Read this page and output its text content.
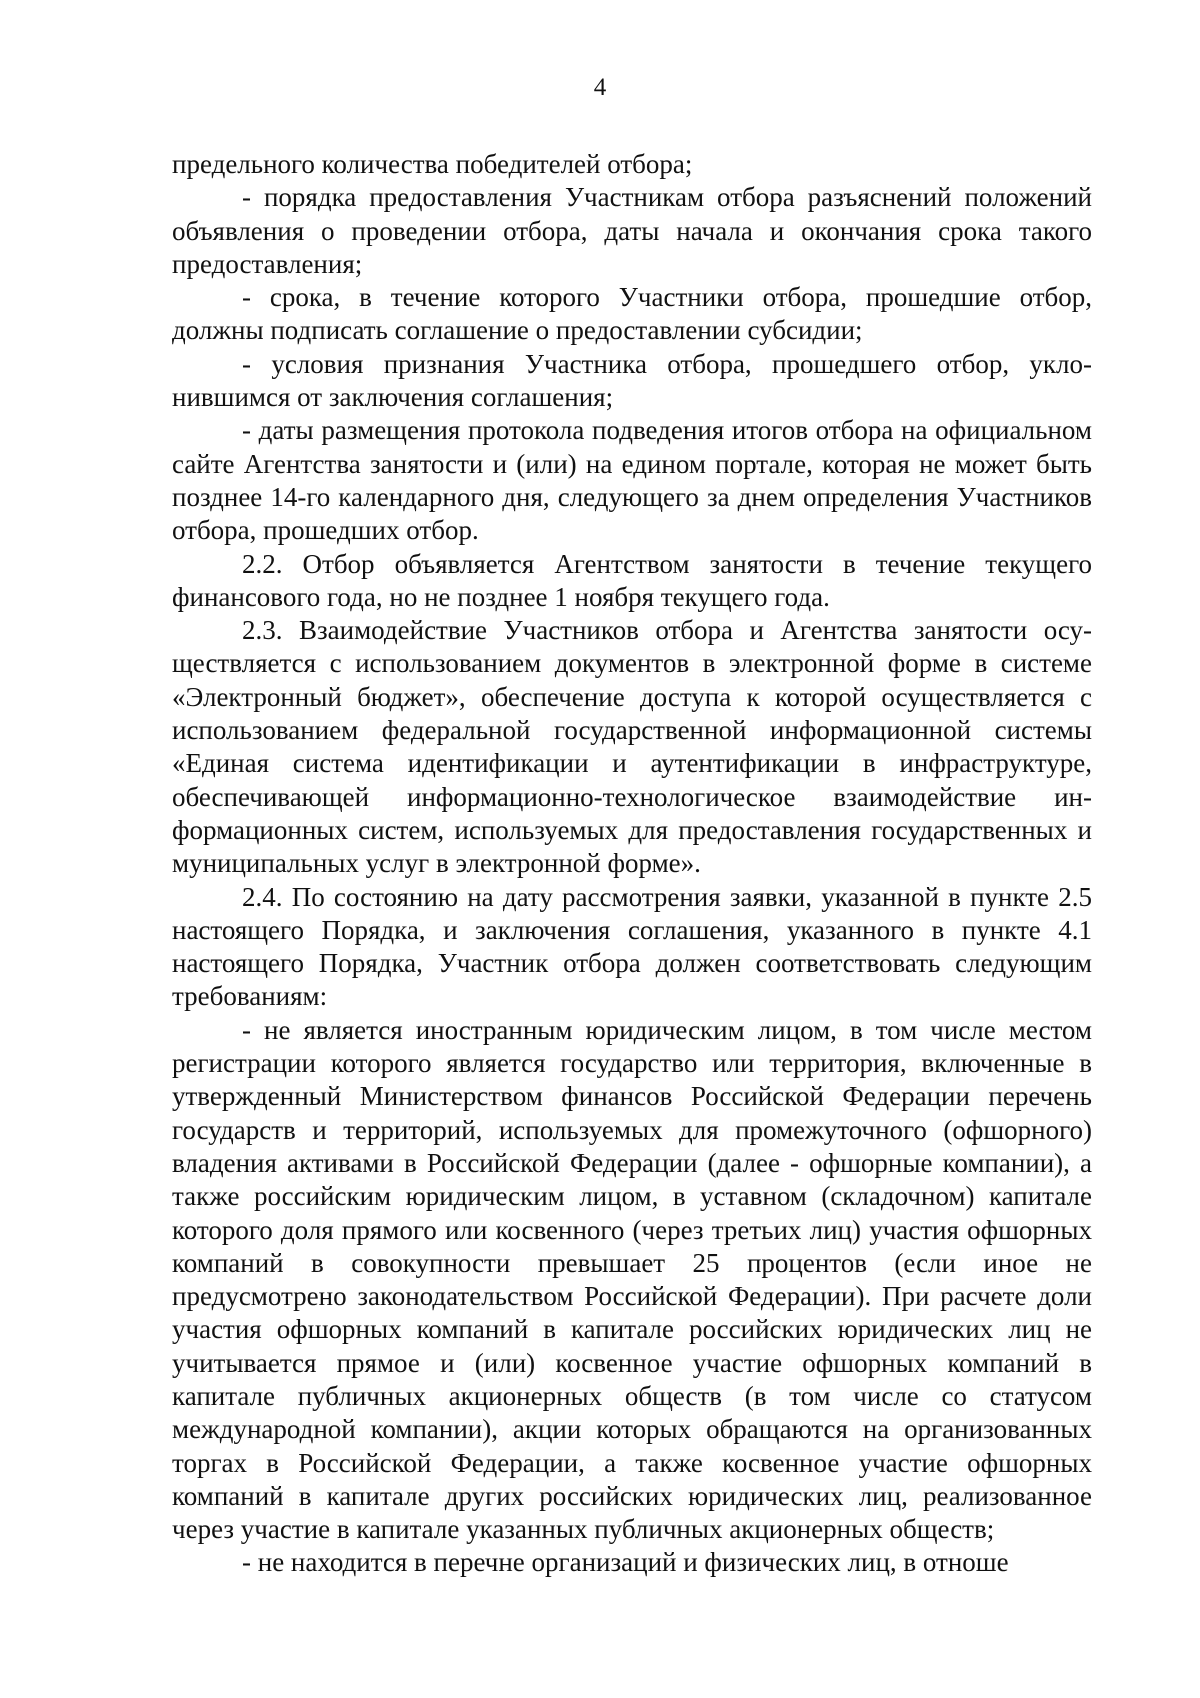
4

предельного количества победителей отбора;

- порядка предоставления Участникам отбора разъяснений положений объявления о проведении отбора, даты начала и окончания срока такого предоставления;

- срока, в течение которого Участники отбора, прошедшие отбор, должны подписать соглашение о предоставлении субсидии;

- условия признания Участника отбора, прошедшего отбор, уклонившимся от заключения соглашения;

- даты размещения протокола подведения итогов отбора на официальном сайте Агентства занятости и (или) на едином портале, которая не может быть позднее 14-го календарного дня, следующего за днем определения Участников отбора, прошедших отбор.

2.2. Отбор объявляется Агентством занятости в течение текущего финансового года, но не позднее 1 ноября текущего года.

2.3. Взаимодействие Участников отбора и Агентства занятости осуществляется с использованием документов в электронной форме в системе «Электронный бюджет», обеспечение доступа к которой осуществляется с использованием федеральной государственной информационной системы «Единая система идентификации и аутентификации в инфраструктуре, обеспечивающей информационно-технологическое взаимодействие информационных систем, используемых для предоставления государственных и муниципальных услуг в электронной форме».

2.4. По состоянию на дату рассмотрения заявки, указанной в пункте 2.5 настоящего Порядка, и заключения соглашения, указанного в пункте 4.1 настоящего Порядка, Участник отбора должен соответствовать следующим требованиям:

- не является иностранным юридическим лицом, в том числе местом регистрации которого является государство или территория, включенные в утвержденный Министерством финансов Российской Федерации перечень государств и территорий, используемых для промежуточного (офшорного) владения активами в Российской Федерации (далее - офшорные компании), а также российским юридическим лицом, в уставном (складочном) капитале которого доля прямого или косвенного (через третьих лиц) участия офшорных компаний в совокупности превышает 25 процентов (если иное не предусмотрено законодательством Российской Федерации). При расчете доли участия офшорных компаний в капитале российских юридических лиц не учитывается прямое и (или) косвенное участие офшорных компаний в капитале публичных акционерных обществ (в том числе со статусом международной компании), акции которых обращаются на организованных торгах в Российской Федерации, а также косвенное участие офшорных компаний в капитале других российских юридических лиц, реализованное через участие в капитале указанных публичных акционерных обществ;

- не находится в перечне организаций и физических лиц, в отноше
